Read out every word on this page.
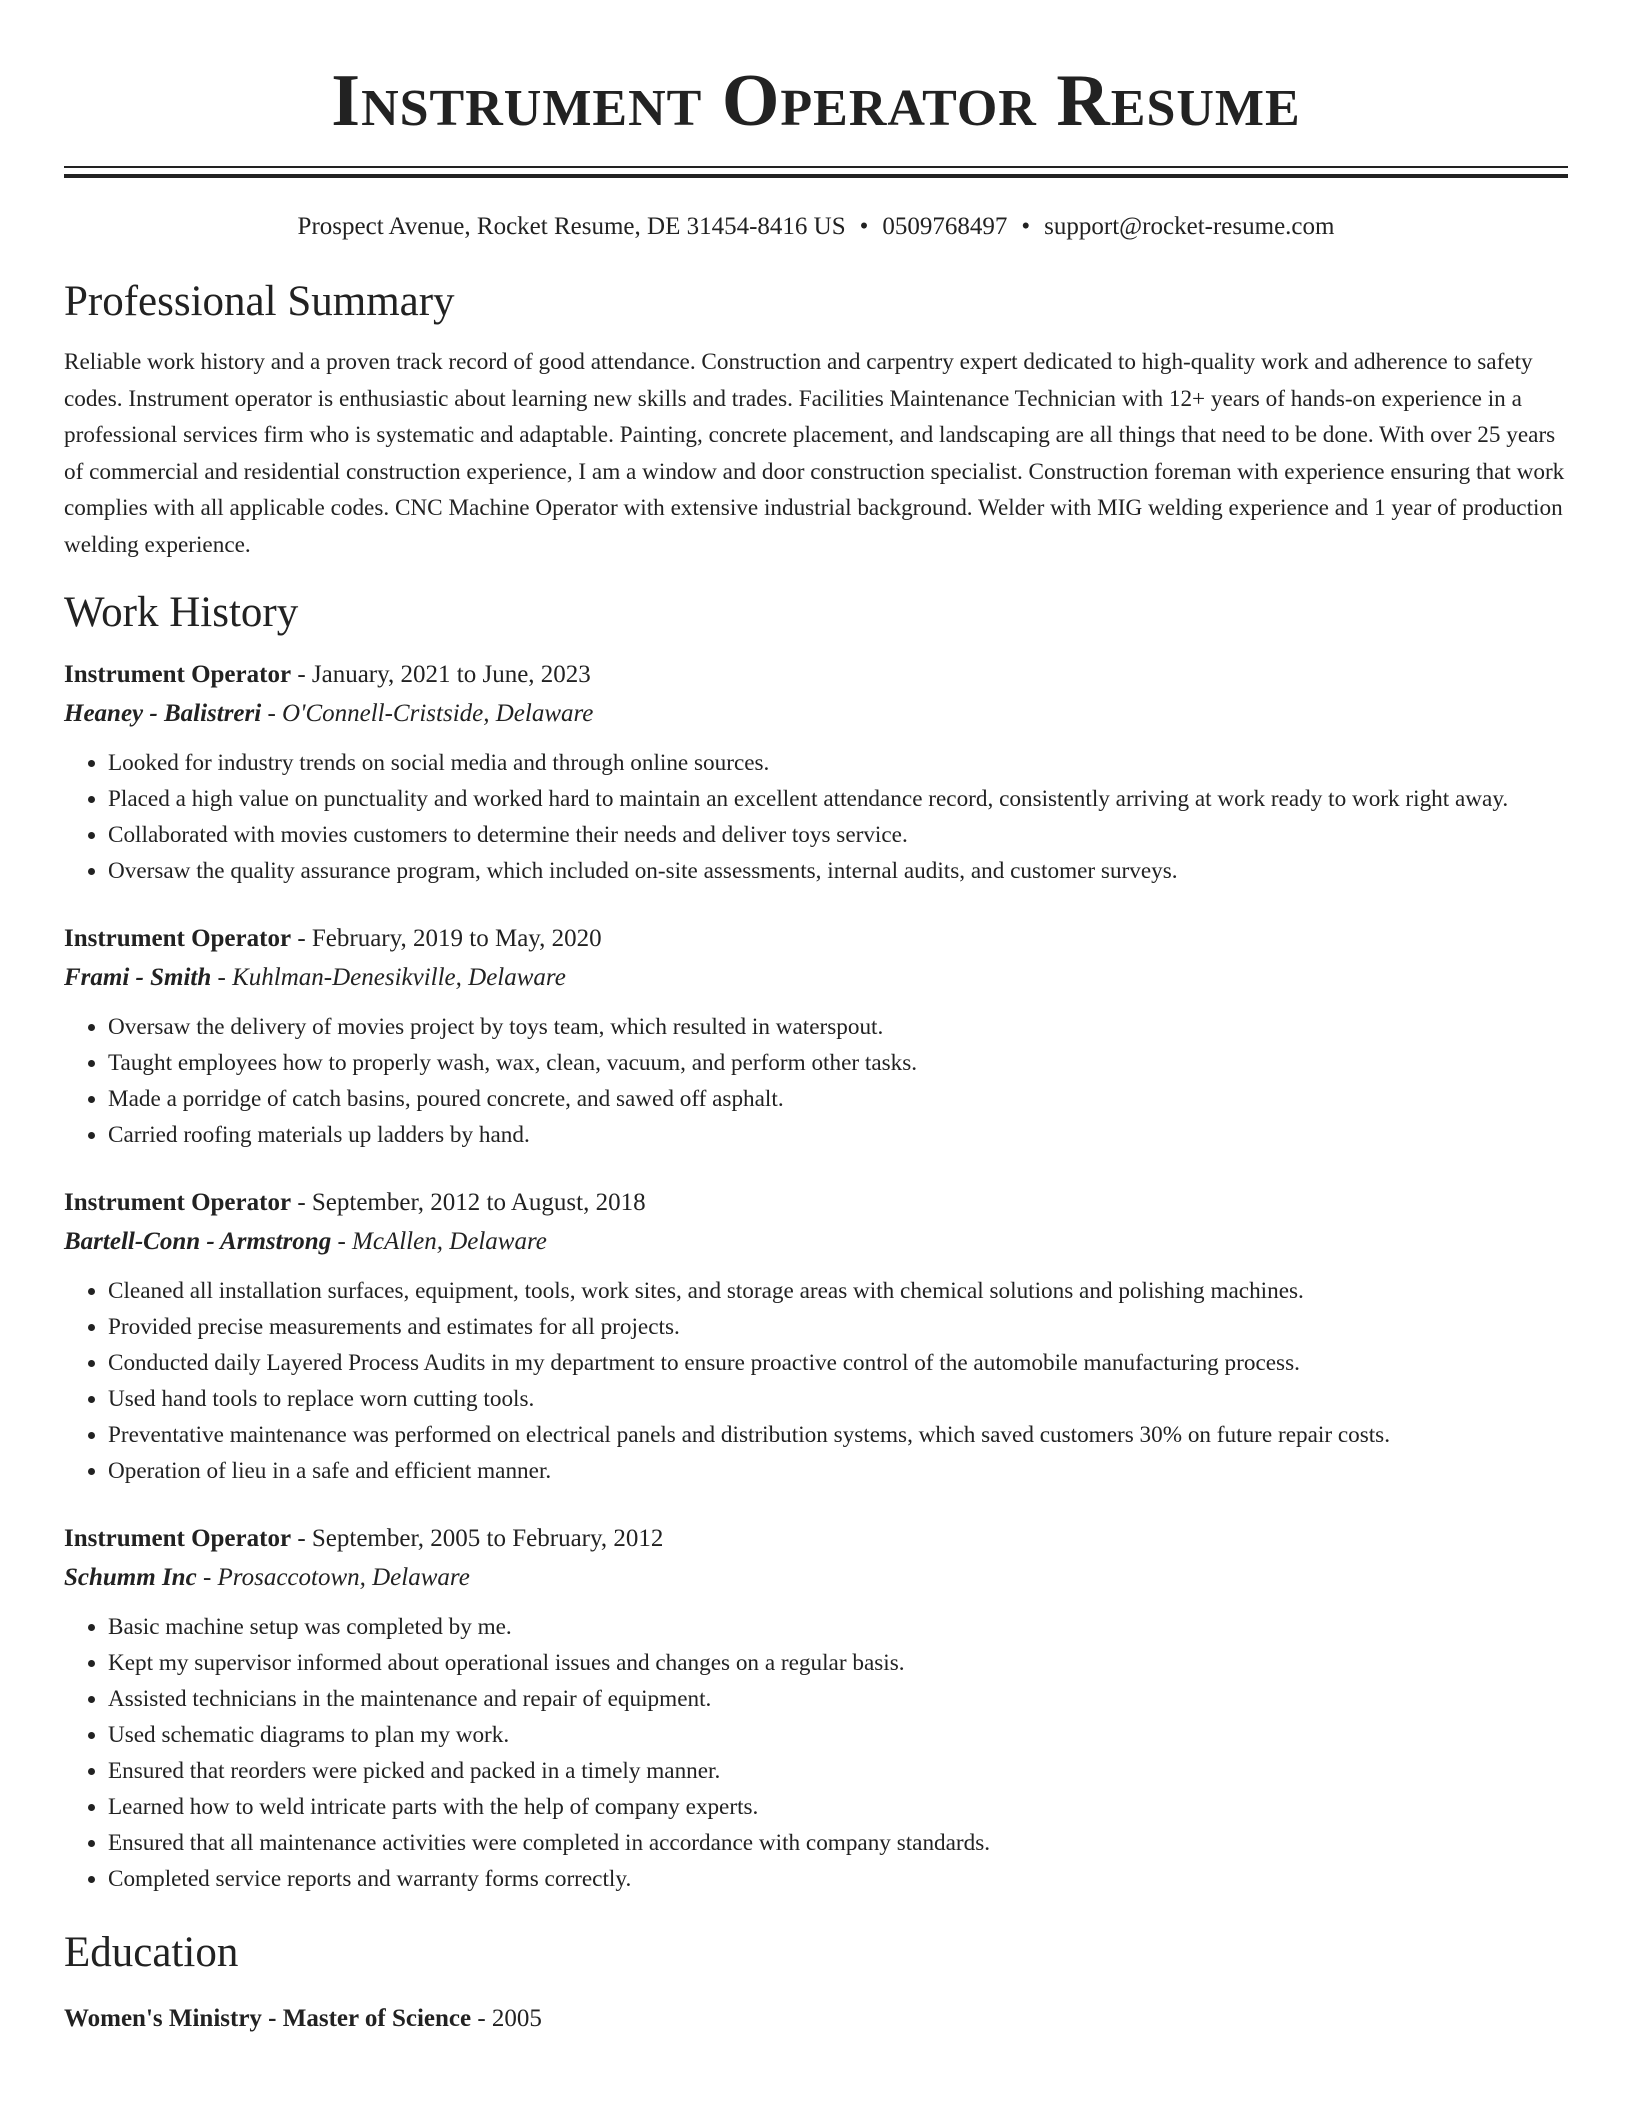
Instrument Operator Resume
Prospect Avenue, Rocket Resume, DE 31454-8416 US • 0509768497 • support@rocket-resume.com
Professional Summary

Reliable work history and a proven track record of good attendance. Construction and carpentry expert dedicated to high-quality work and adherence to safety codes. Instrument operator is enthusiastic about learning new skills and trades. Facilities Maintenance Technician with 12+ years of hands-on experience in a professional services firm who is systematic and adaptable. Painting, concrete placement, and landscaping are all things that need to be done. With over 25 years of commercial and residential construction experience, I am a window and door construction specialist. Construction foreman with experience ensuring that work complies with all applicable codes. CNC Machine Operator with extensive industrial background. Welder with MIG welding experience and 1 year of production welding experience.

Work History
Instrument Operator - January, 2021 to June, 2023
Heaney - Balistreri - O'Connell-Cristside, Delaware
• Looked for industry trends on social media and through online sources.
• Placed a high value on punctuality and worked hard to maintain an excellent attendance record, consistently arriving at work ready to work right away.
• Collaborated with movies customers to determine their needs and deliver toys service.
• Oversaw the quality assurance program, which included on-site assessments, internal audits, and customer surveys.
Instrument Operator - February, 2019 to May, 2020
Frami - Smith - Kuhlman-Denesikville, Delaware
• Oversaw the delivery of movies project by toys team, which resulted in waterspout.
• Taught employees how to properly wash, wax, clean, vacuum, and perform other tasks.
• Made a porridge of catch basins, poured concrete, and sawed off asphalt.
• Carried roofing materials up ladders by hand.
Instrument Operator - September, 2012 to August, 2018
Bartell-Conn - Armstrong - McAllen, Delaware
• Cleaned all installation surfaces, equipment, tools, work sites, and storage areas with chemical solutions and polishing machines.
• Provided precise measurements and estimates for all projects.
• Conducted daily Layered Process Audits in my department to ensure proactive control of the automobile manufacturing process.
• Used hand tools to replace worn cutting tools.
• Preventative maintenance was performed on electrical panels and distribution systems, which saved customers 30% on future repair costs.
• Operation of lieu in a safe and efficient manner.
Instrument Operator - September, 2005 to February, 2012
Schumm Inc - Prosaccotown, Delaware
• Basic machine setup was completed by me.
• Kept my supervisor informed about operational issues and changes on a regular basis.
• Assisted technicians in the maintenance and repair of equipment.
• Used schematic diagrams to plan my work.
• Ensured that reorders were picked and packed in a timely manner.
• Learned how to weld intricate parts with the help of company experts.
• Ensured that all maintenance activities were completed in accordance with company standards.
• Completed service reports and warranty forms correctly.
Education
Women's Ministry - Master of Science - 2005
